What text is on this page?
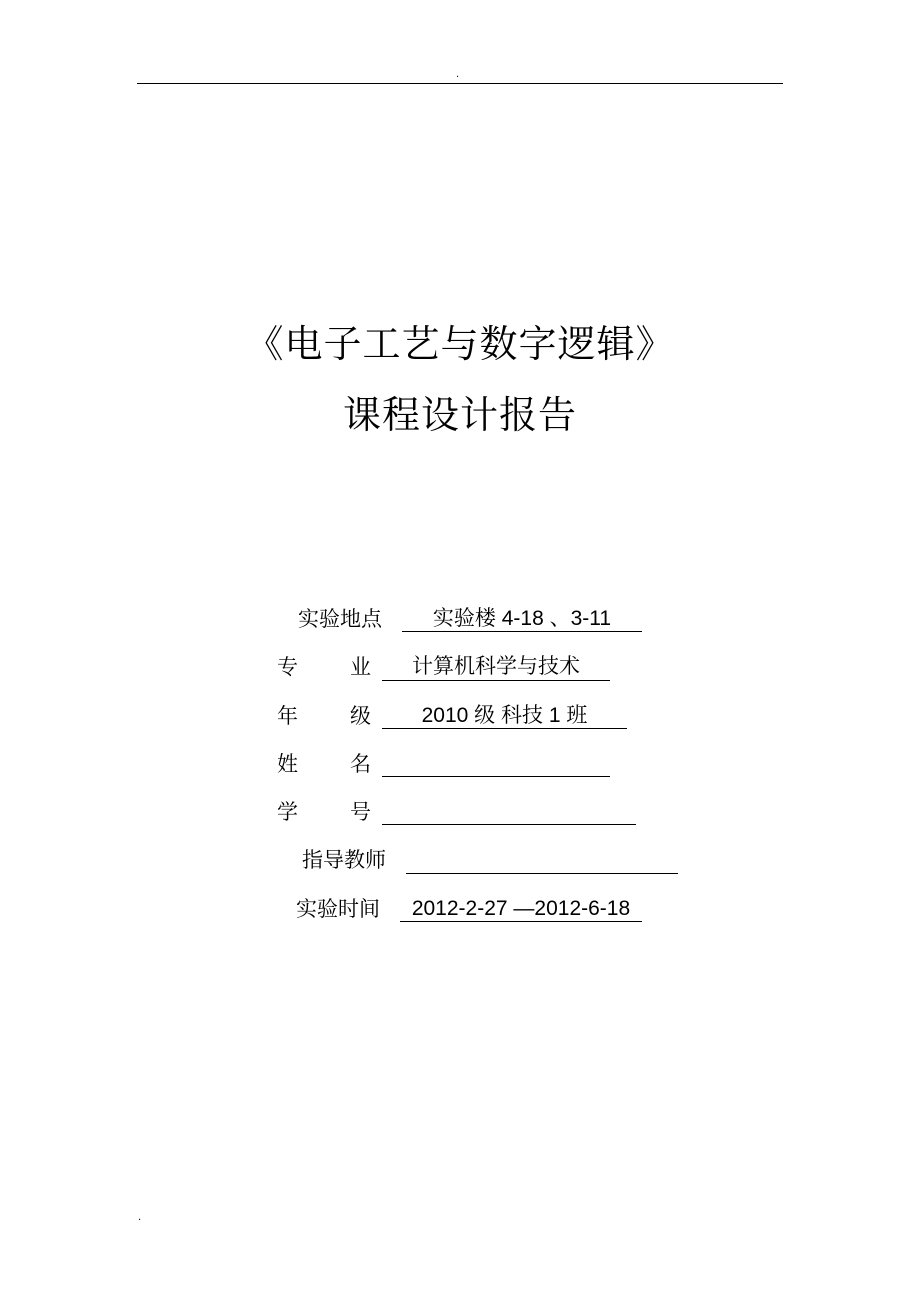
.
《电子工艺与数字逻辑》
课程设计报告
实验地点	实验楼 4-18 、3-11
专 业	计算机科学与技术
年 级	2010 级 科技 1 班
姓 名
学 号
指导教师
实验时间	2012-2-27 —2012-6-18
.
